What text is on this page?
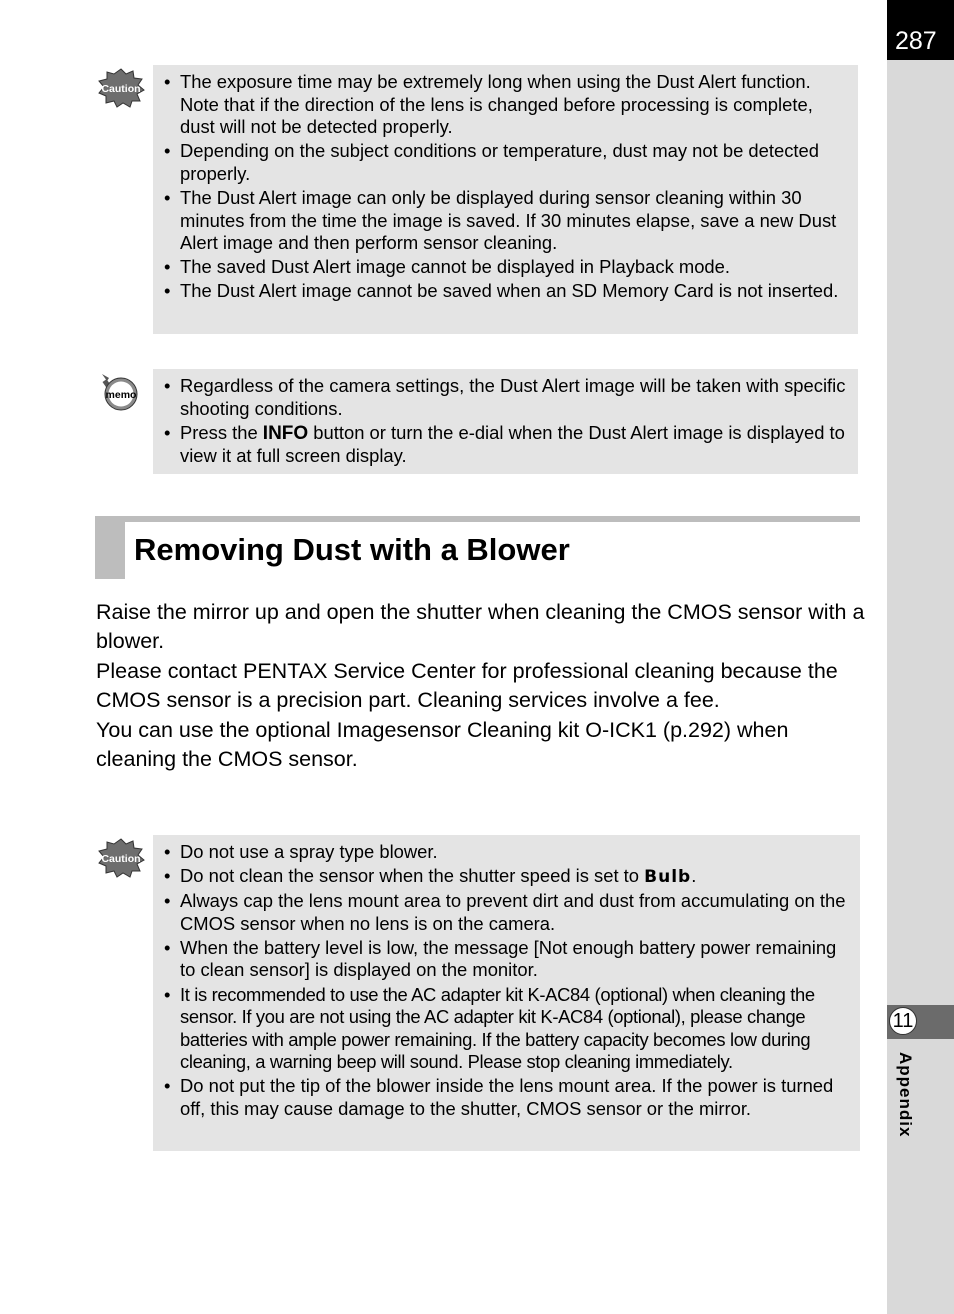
287
11
Appendix
Caution	• The exposure time may be extremely long when using the Dust Alert function. Note that if the direction of the lens is changed before processing is complete, dust will not be detected properly.
• Depending on the subject conditions or temperature, dust may not be detected properly.
• The Dust Alert image can only be displayed during sensor cleaning within 30 minutes from the time the image is saved. If 30 minutes elapse, save a new Dust Alert image and then perform sensor cleaning.
• The saved Dust Alert image cannot be displayed in Playback mode.
• The Dust Alert image cannot be saved when an SD Memory Card is not inserted.
memo	• Regardless of the camera settings, the Dust Alert image will be taken with specific shooting conditions.
• Press the INFO button or turn the e-dial when the Dust Alert image is displayed to view it at full screen display.
Removing Dust with a Blower

Raise the mirror up and open the shutter when cleaning the CMOS sensor with a blower.

Please contact PENTAX Service Center for professional cleaning because the CMOS sensor is a precision part. Cleaning services involve a fee.

You can use the optional Imagesensor Cleaning kit O-ICK1 (p.292) when cleaning the CMOS sensor.

Caution	• Do not use a spray type blower.
• Do not clean the sensor when the shutter speed is set to Bulb.
• Always cap the lens mount area to prevent dirt and dust from accumulating on the CMOS sensor when no lens is on the camera.
• When the battery level is low, the message [Not enough battery power remaining to clean sensor] is displayed on the monitor.
• It is recommended to use the AC adapter kit K-AC84 (optional) when cleaning the sensor. If you are not using the AC adapter kit K-AC84 (optional), please change batteries with ample power remaining. If the battery capacity becomes low during cleaning, a warning beep will sound. Please stop cleaning immediately.
• Do not put the tip of the blower inside the lens mount area. If the power is turned off, this may cause damage to the shutter, CMOS sensor or the mirror.
